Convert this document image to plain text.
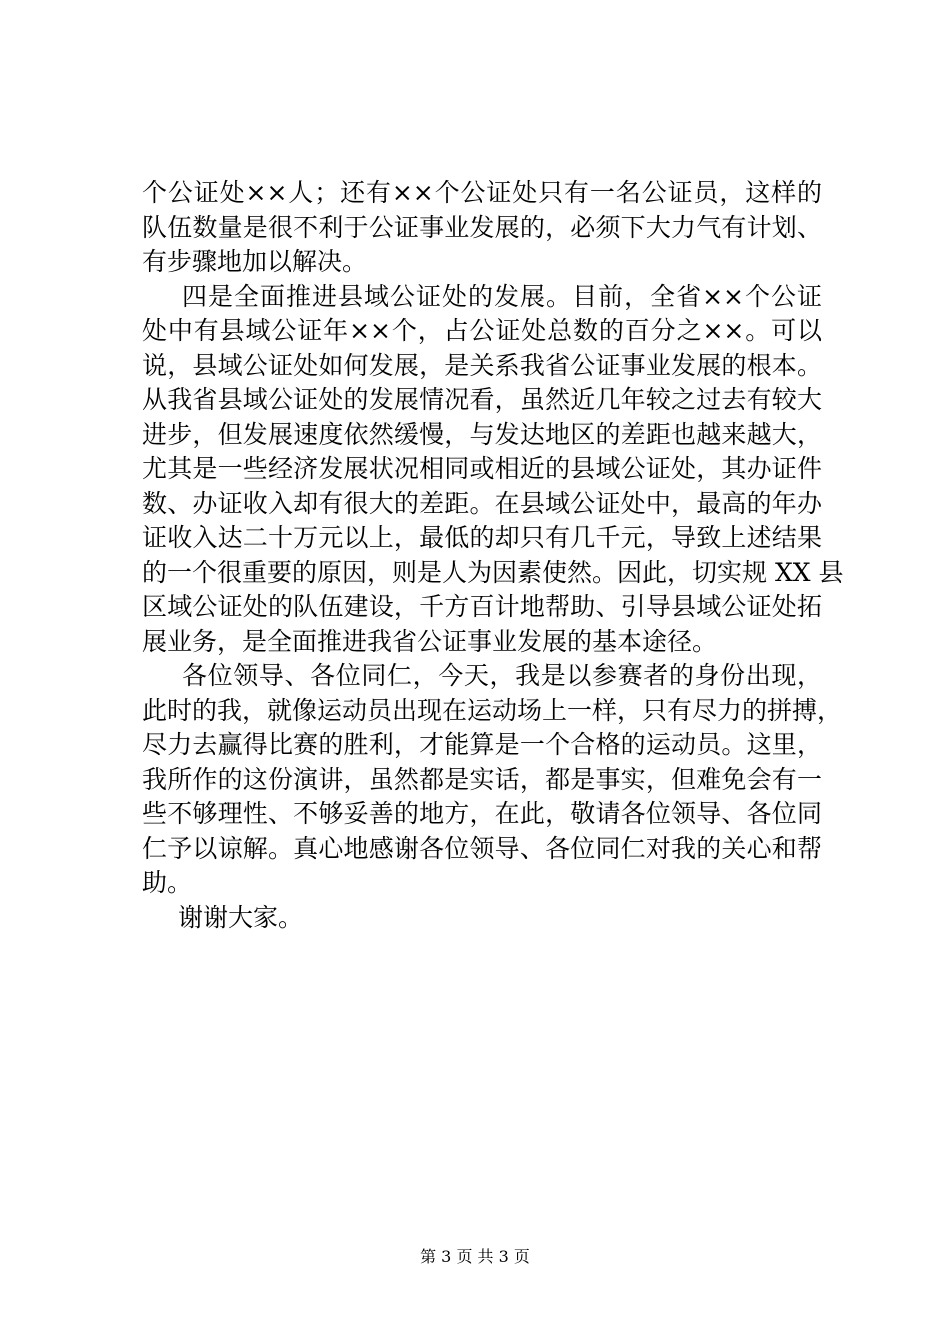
个公证处××人；还有××个公证处只有一名公证员，这样的
队伍数量是很不利于公证事业发展的，必须下大力气有计划、
有步骤地加以解决。
四是全面推进县域公证处的发展。目前，全省××个公证
处中有县域公证年××个，占公证处总数的百分之××。可以
说，县域公证处如何发展，是关系我省公证事业发展的根本。
从我省县域公证处的发展情况看，虽然近几年较之过去有较大
进步，但发展速度依然缓慢，与发达地区的差距也越来越大，
尤其是一些经济发展状况相同或相近的县域公证处，其办证件
数、办证收入却有很大的差距。在县域公证处中，最高的年办
证收入达二十万元以上，最低的却只有几千元，导致上述结果
的一个很重要的原因，则是人为因素使然。因此，切实规 XX 县
区域公证处的队伍建设，千方百计地帮助、引导县域公证处拓
展业务，是全面推进我省公证事业发展的基本途径。
各位领导、各位同仁，今天，我是以参赛者的身份出现，
此时的我，就像运动员出现在运动场上一样，只有尽力的拼搏，
尽力去赢得比赛的胜利，才能算是一个合格的运动员。这里，
我所作的这份演讲，虽然都是实话，都是事实，但难免会有一
些不够理性、不够妥善的地方，在此，敬请各位领导、各位同
仁予以谅解。真心地感谢各位领导、各位同仁对我的关心和帮
助。
谢谢大家。
第 3 页 共 3 页
